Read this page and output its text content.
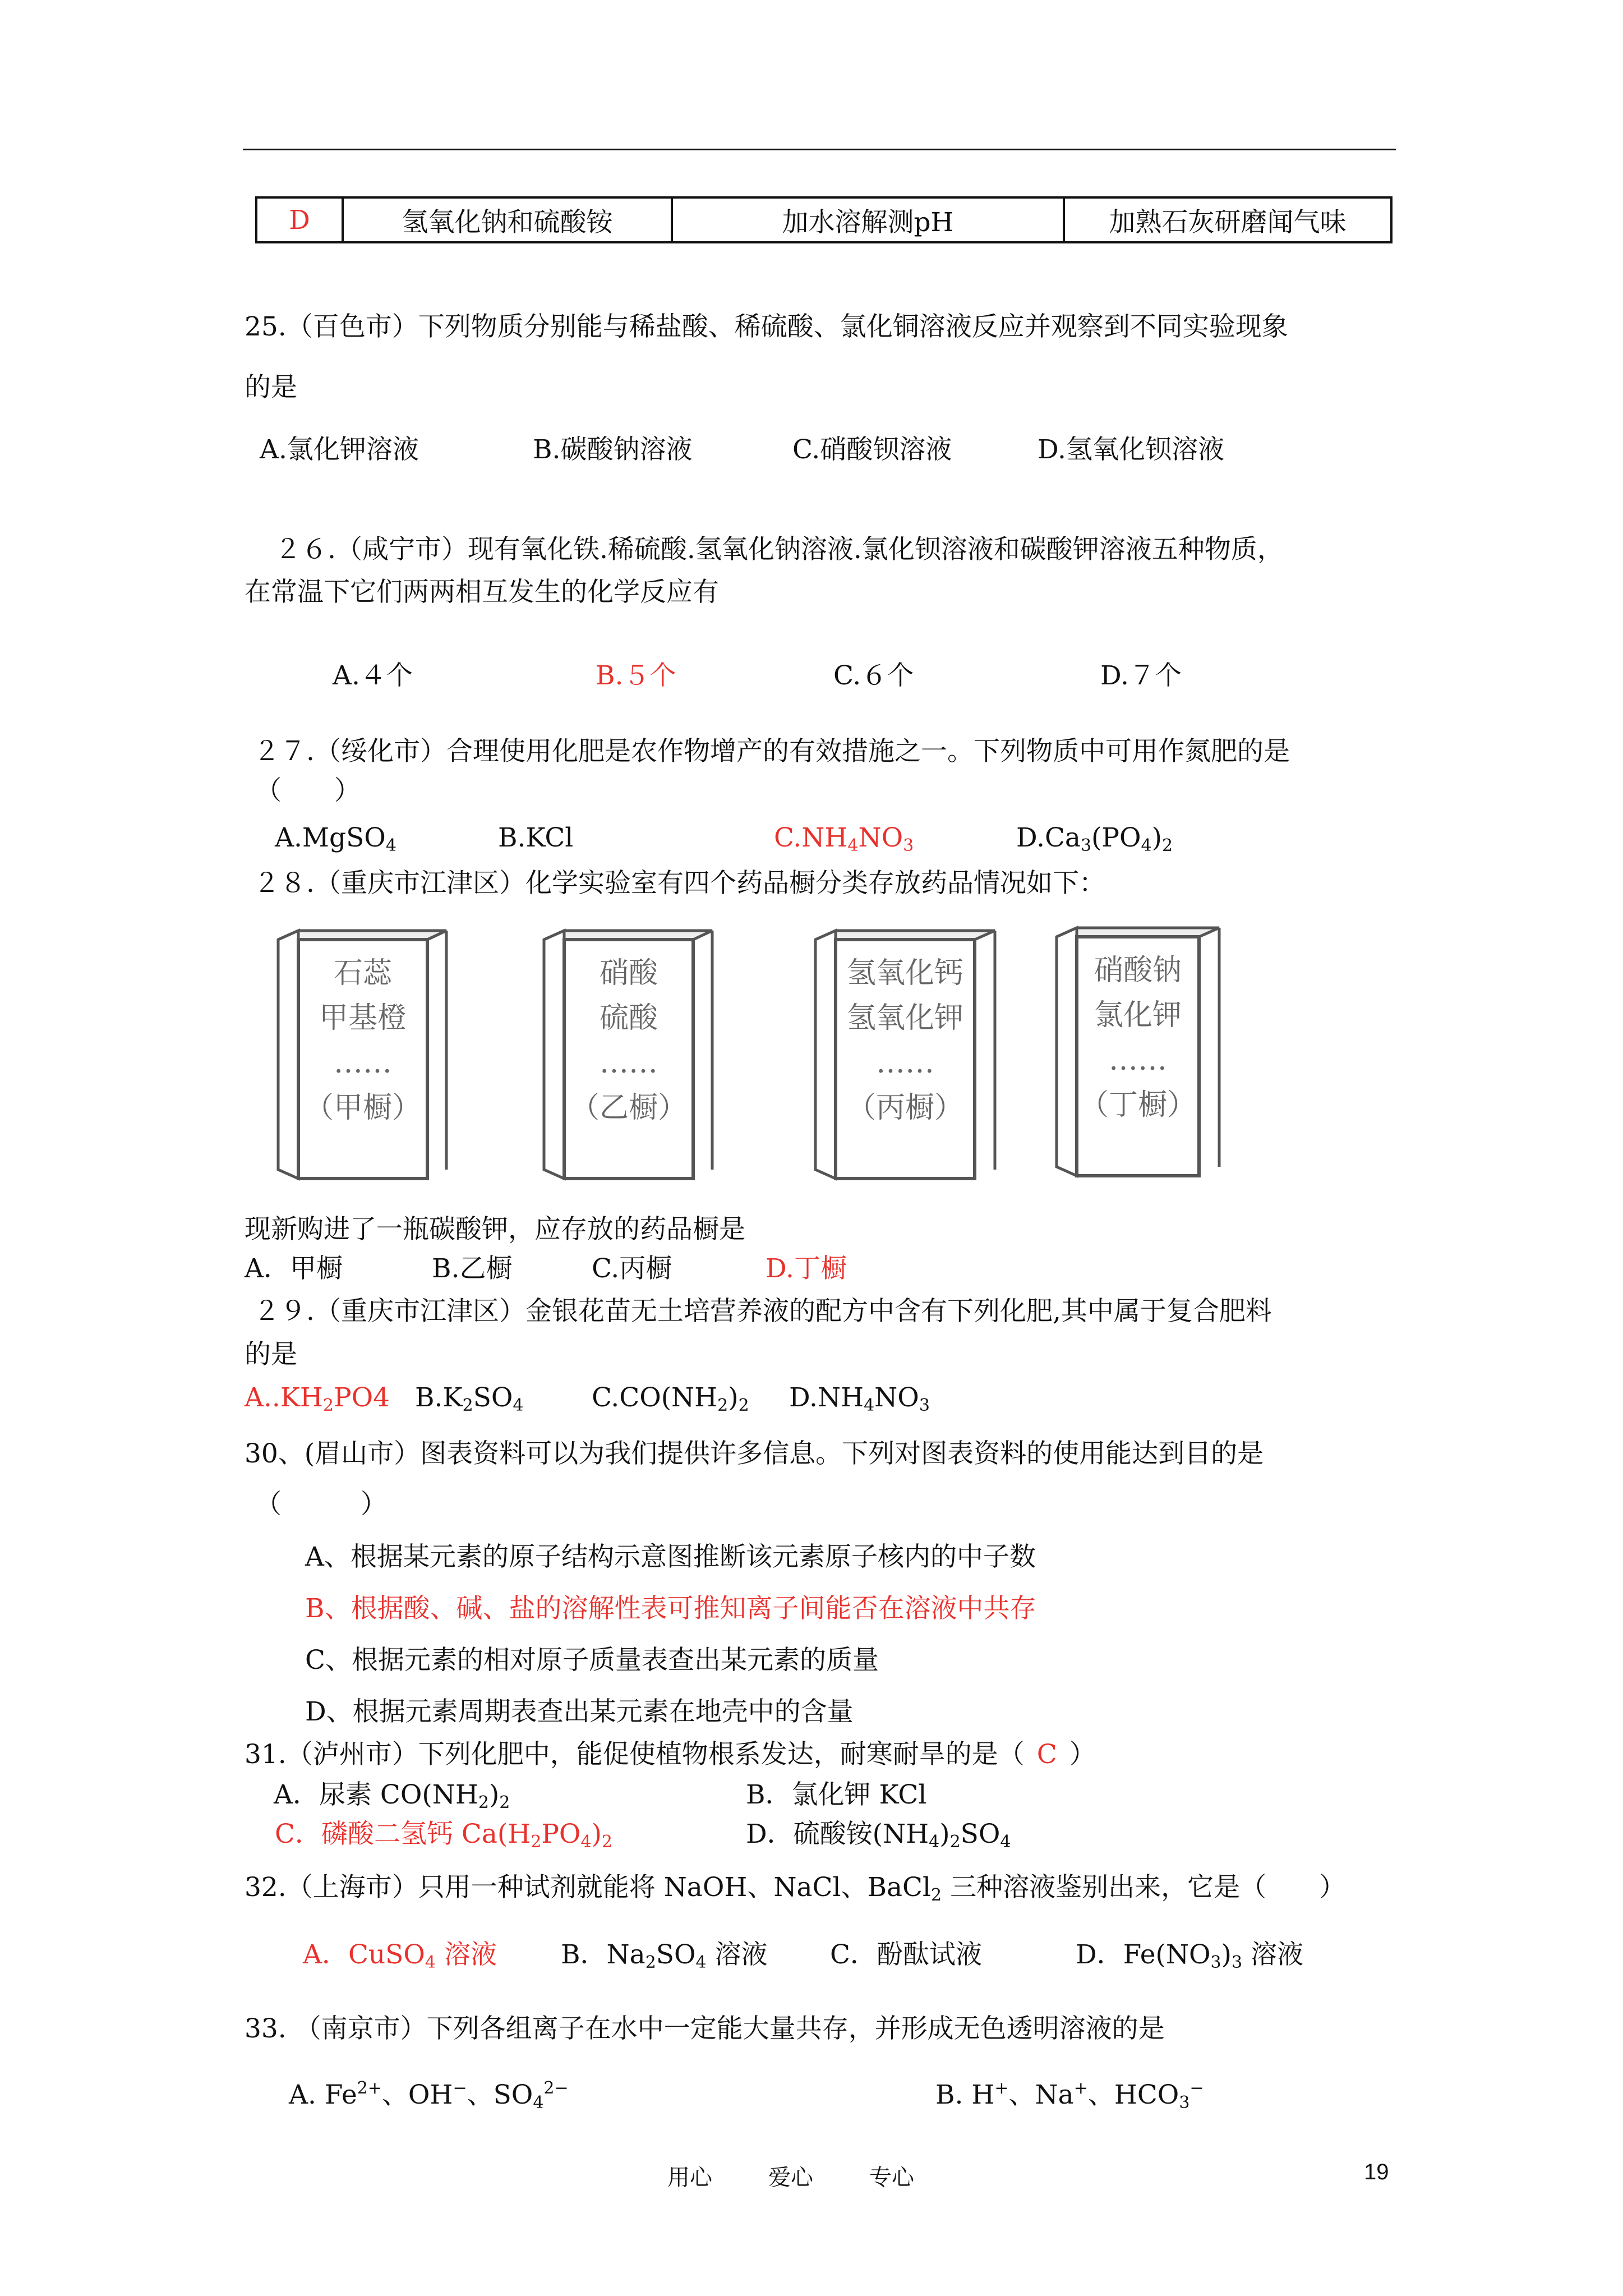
D	氢氧化钠和硫酸铵	加水溶解测pH	加熟石灰研磨闻气味
25.（百色市）下列物质分别能与稀盐酸、稀硫酸、氯化铜溶液反应并观察到不同实验现象
的是
A.氯化钾溶液	B.碳酸钠溶液	C.硝酸钡溶液	D.氢氧化钡溶液
２６.（咸宁市）现有氧化铁.稀硫酸.氢氧化钠溶液.氯化钡溶液和碳酸钾溶液五种物质，
在常温下它们两两相互发生的化学反应有
A.４个	B.５个	C.６个	D.７个
２７.（绥化市）合理使用化肥是农作物增产的有效措施之一。下列物质中可用作氮肥的是
（　　）
A.MgSO$_4$	B.KCl	$C.NH_4NO_3$	$D.Ca_3(PO_4)_2$
２８.（重庆市江津区）化学实验室有四个药品橱分类存放药品情况如下：
石蕊
甲基橙
……
（甲橱）
硝酸
硫酸
……
（乙橱）
氢氧化钙
氢氧化钾
……
（丙橱）
硝酸钠
氯化钾
……
（丁橱）
现新购进了一瓶碳酸钾，应存放的药品橱是
A．甲橱	B.乙橱	C.丙橱	D.丁橱
２９.（重庆市江津区）金银花苗无土培营养液的配方中含有下列化肥,其中属于复合肥料
的是
$A..KH_2PO4$ $B.K_2SO_4$	$C.CO(NH_2)_2$ $D.NH_4NO_3$
30、(眉山市）图表资料可以为我们提供许多信息。下列对图表资料的使用能达到目的是
（　　　）
A、根据某元素的原子结构示意图推断该元素原子核内的中子数
B、根据酸、碱、盐的溶解性表可推知离子间能否在溶液中共存
C、根据元素的相对原子质量表查出某元素的质量
D、根据元素周期表查出某元素在地壳中的含量
31.（泸州市）下列化肥中，能促使植物根系发达，耐寒耐旱的是（ C ）
A．尿素 $CO(NH_2)_2$	B．氯化钾 KCl
C．磷酸二氢钙 $Ca(H_2PO_4)_2$	D．硫酸铵$(NH_4)_2SO_4$
32.（上海市）只用一种试剂就能将 NaOH、NaCl、BaCl$_2$ 三种溶液鉴别出来，它是（　　）
A．CuSO$_4$ 溶液 B．$Na_2SO_4$ 溶液 C．酚酞试液	D．$Fe(NO_3)_3$ 溶液
33. （南京市）下列各组离子在水中一定能大量共存，并形成无色透明溶液的是
A. $Fe^{2+}$、OH−、$SO_4^{2-}$	B. H+、Na+、$HCO_3^-$
用心	爱心	专心	19
